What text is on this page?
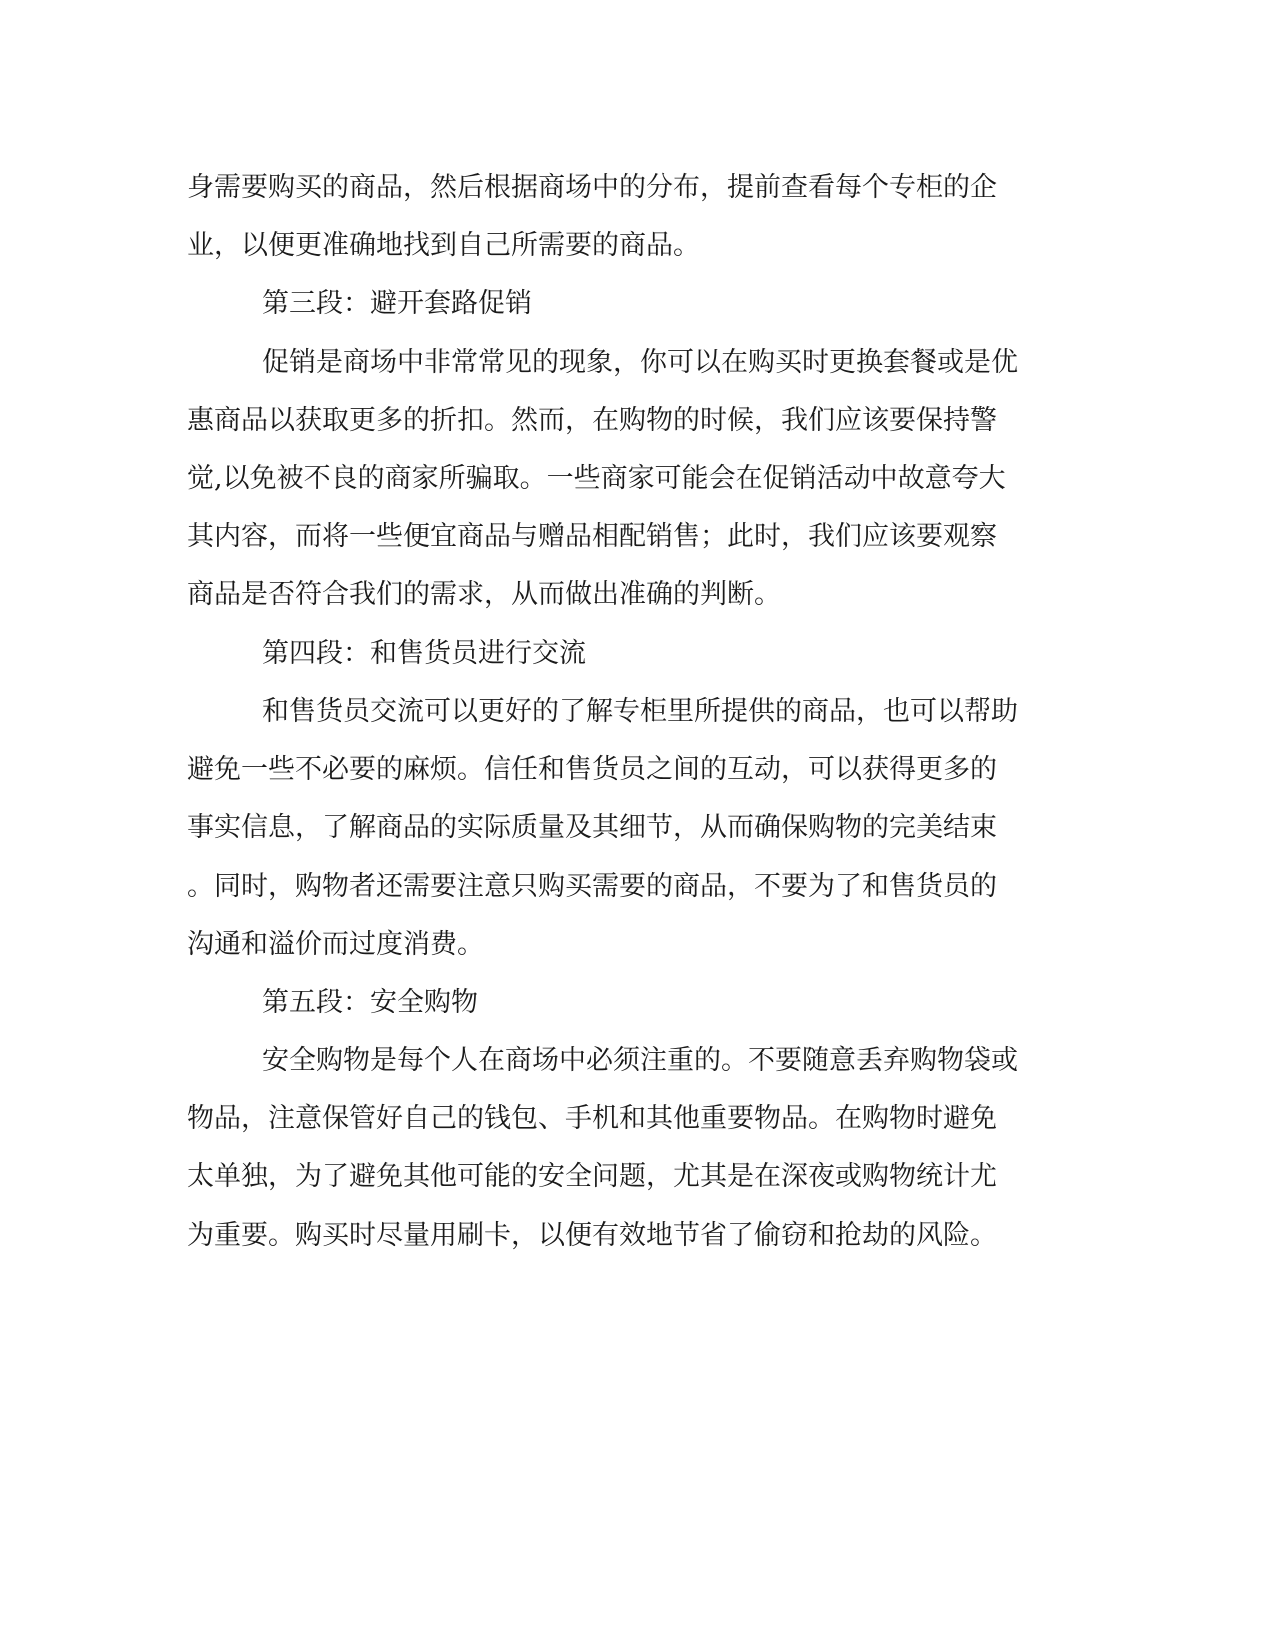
身需要购买的商品，然后根据商场中的分布，提前查看每个专柜的企
业，以便更准确地找到自己所需要的商品。
第三段：避开套路促销
促销是商场中非常常见的现象，你可以在购买时更换套餐或是优
惠商品以获取更多的折扣。然而，在购物的时候，我们应该要保持警
觉,以免被不良的商家所骗取。一些商家可能会在促销活动中故意夸大
其内容，而将一些便宜商品与赠品相配销售；此时，我们应该要观察
商品是否符合我们的需求，从而做出准确的判断。
第四段：和售货员进行交流
和售货员交流可以更好的了解专柜里所提供的商品，也可以帮助
避免一些不必要的麻烦。信任和售货员之间的互动，可以获得更多的
事实信息，了解商品的实际质量及其细节，从而确保购物的完美结束
。同时，购物者还需要注意只购买需要的商品，不要为了和售货员的
沟通和溢价而过度消费。
第五段：安全购物
安全购物是每个人在商场中必须注重的。不要随意丢弃购物袋或
物品，注意保管好自己的钱包、手机和其他重要物品。在购物时避免
太单独，为了避免其他可能的安全问题，尤其是在深夜或购物统计尤
为重要。购买时尽量用刷卡，以便有效地节省了偷窃和抢劫的风险。
